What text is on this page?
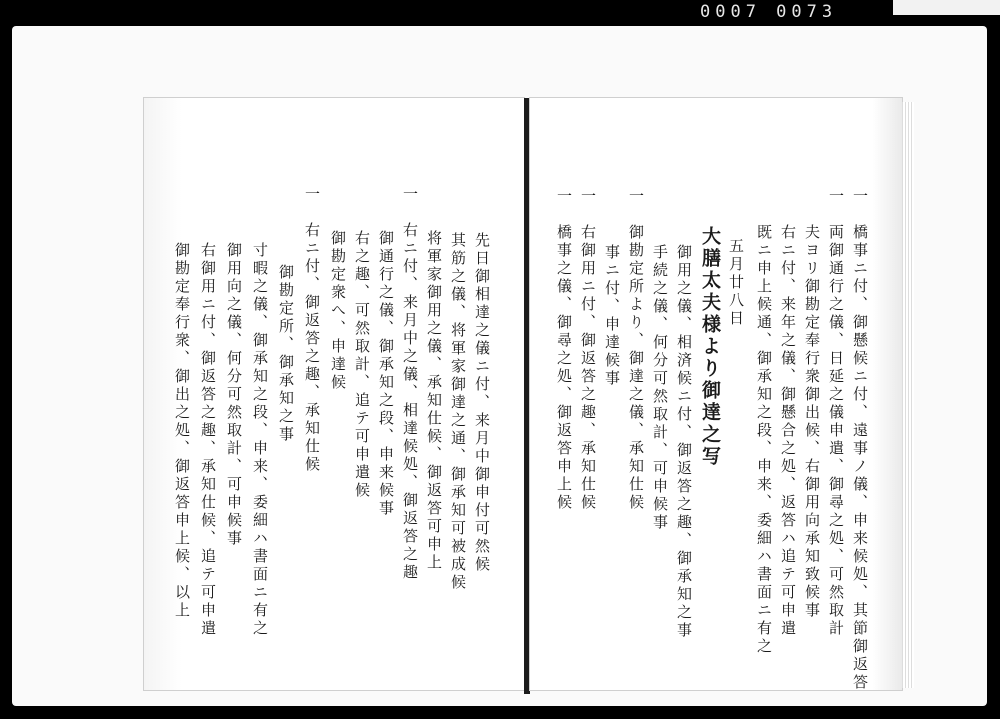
0007 0073
　　先日御相達之儀ニ付、来月中御申付可然候
　　其筋之儀、将軍家御達之通、御承知可被成候
　　将軍家御用之儀、承知仕候、御返答可申上
一　右ニ付、来月中之儀、相達候処、御返答之趣
　　御通行之儀、御承知之段、申来候事
　　右之趣、可然取計、追テ可申遣候
　　御勘定衆へ、申達候
一　右ニ付、御返答之趣、承知仕候
　　御勘定所、御承知之事
　　寸暇之儀、御承知之段、申来、委細ハ書面ニ有之
　　御用向之儀、何分可然取計、可申候事
　　右御用ニ付、御返答之趣、承知仕候、追テ可申遣
　　御勘定奉行衆、御出之処、御返答申上候、以上	一　橋事ニ付、御懸候ニ付、遠事ノ儀、申来候処、其節御返答
一　両御通行之儀、日延之儀申遣、御尋之処、可然取計
　　夫ヨリ御勘定奉行衆御出候、右御用向承知致候事
　　右ニ付、来年之儀、御懸合之処、返答ハ追テ可申遣
　　既ニ申上候通、御承知之段、申来、委細ハ書面ニ有之
五月廿八日
大膳太夫様より御達之写
　　御用之儀、相済候ニ付、御返答之趣、御承知之事
　　手続之儀、何分可然取計、可申候事
一　御勘定所より、御達之儀、承知仕候
　　事ニ付、申達候事
一　右御用ニ付、御返答之趣、承知仕候
一　橋事之儀、御尋之処、御返答申上候
